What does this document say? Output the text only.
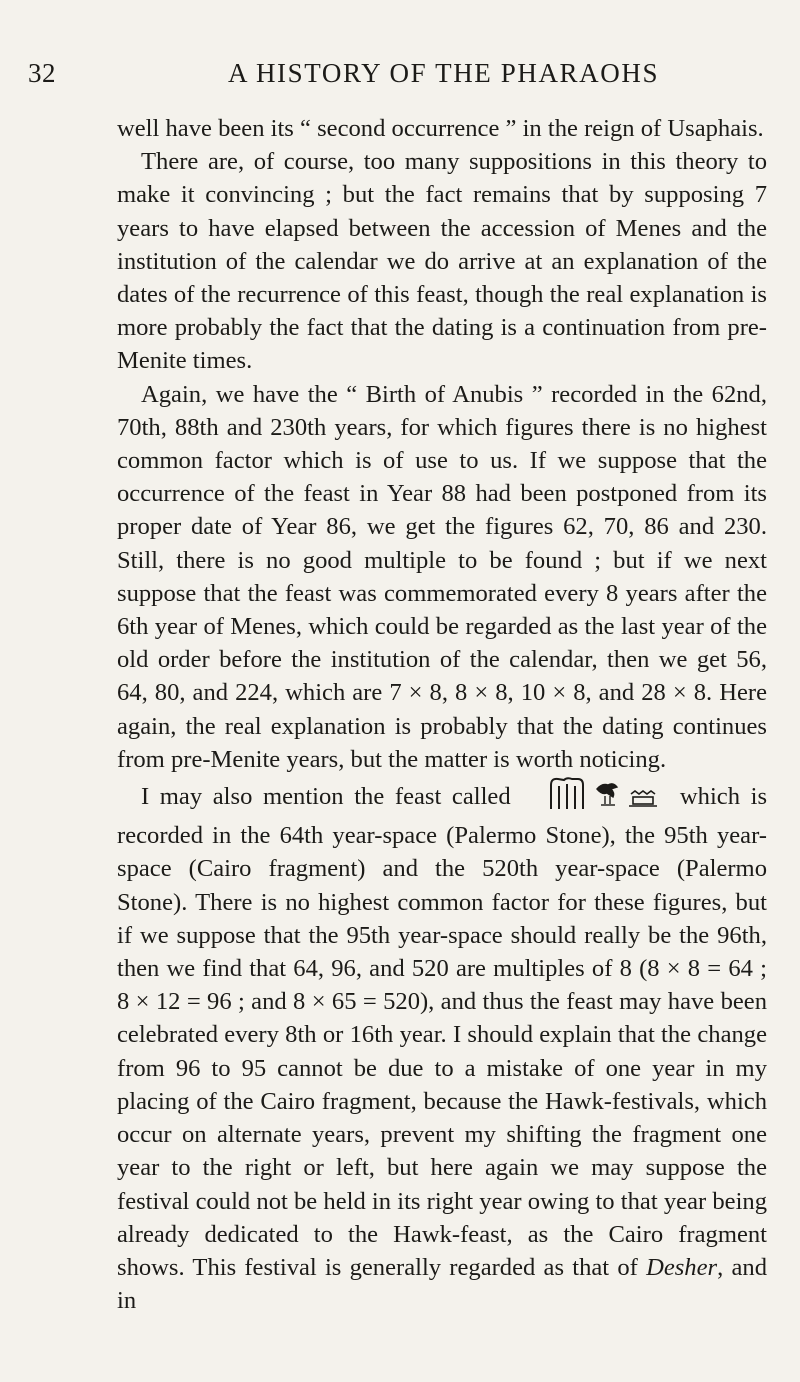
32	A HISTORY OF THE PHARAOHS

well have been its “ second occurrence ” in the reign of Usaphais.

There are, of course, too many suppositions in this theory to make it convincing ; but the fact remains that by supposing 7 years to have elapsed between the accession of Menes and the institution of the calendar we do arrive at an explanation of the dates of the recurrence of this feast, though the real explanation is more probably the fact that the dating is a continuation from pre-Menite times.

Again, we have the “ Birth of Anubis ” recorded in the 62nd, 70th, 88th and 230th years, for which figures there is no highest common factor which is of use to us. If we suppose that the occurrence of the feast in Year 88 had been postponed from its proper date of Year 86, we get the figures 62, 70, 86 and 230. Still, there is no good multiple to be found ; but if we next suppose that the feast was commemorated every 8 years after the 6th year of Menes, which could be regarded as the last year of the old order before the institution of the calendar, then we get 56, 64, 80, and 224, which are 7 × 8, 8 × 8, 10 × 8, and 28 × 8. Here again, the real explanation is probably that the dating continues from pre-Menite years, but the matter is worth noticing.

I may also mention the feast called	which is recorded in the 64th year-space (Palermo Stone), the 95th year-space (Cairo fragment) and the 520th year-space (Palermo Stone). There is no highest common factor for these figures, but if we suppose that the 95th year-space should really be the 96th, then we find that 64, 96, and 520 are multiples of 8 (8 × 8 = 64 ; 8 × 12 = 96 ; and 8 × 65 = 520), and thus the feast may have been celebrated every 8th or 16th year. I should explain that the change from 96 to 95 cannot be due to a mistake of one year in my placing of the Cairo fragment, because the Hawk-festivals, which occur on alternate years, prevent my shifting the fragment one year to the right or left, but here again we may suppose the festival could not be held in its right year owing to that year being already dedicated to the Hawk-feast, as the Cairo fragment shows. This festival is generally regarded as that of Desher, and in
